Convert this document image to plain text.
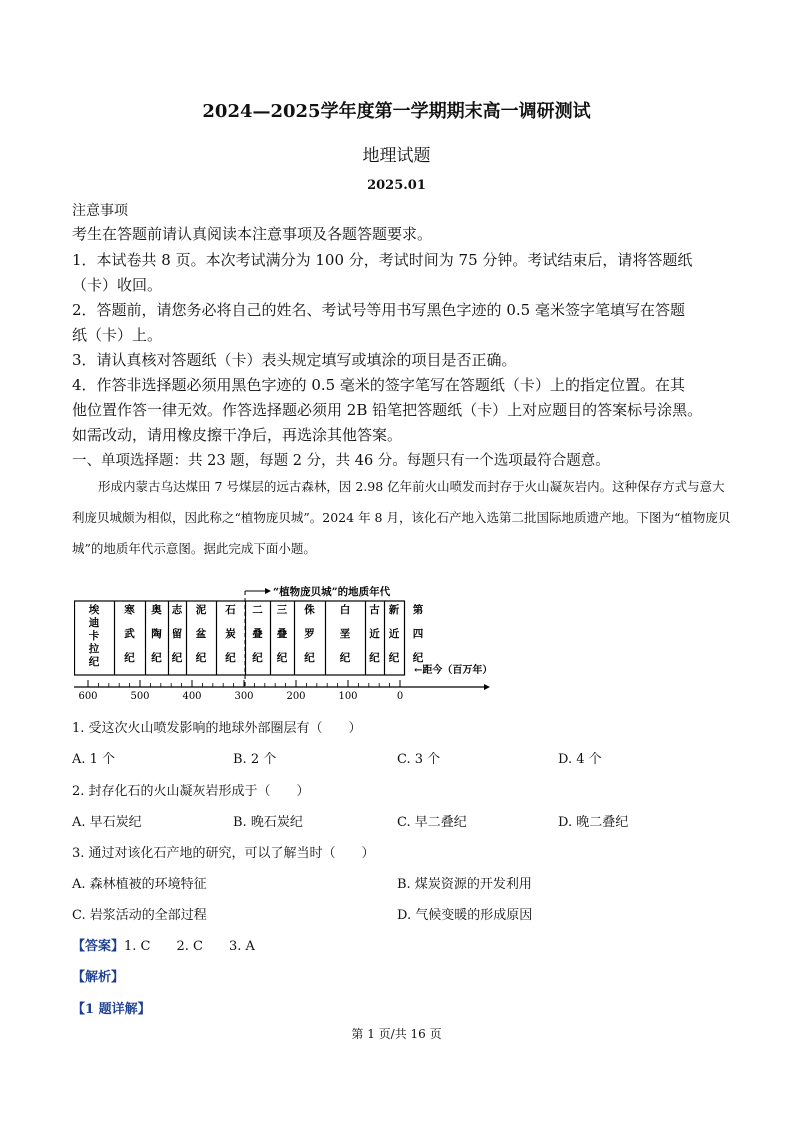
2024—2025学年度第一学期期末高一调研测试
地理试题
2025.01
注意事项
考生在答题前请认真阅读本注意事项及各题答题要求。
1．本试卷共 8 页。本次考试满分为 100 分，考试时间为 75 分钟。考试结束后，请将答题纸
（卡）收回。
2．答题前，请您务必将自己的姓名、考试号等用书写黑色字迹的 0.5 毫米签字笔填写在答题
纸（卡）上。
3．请认真核对答题纸（卡）表头规定填写或填涂的项目是否正确。
4．作答非选择题必须用黑色字迹的 0.5 毫米的签字笔写在答题纸（卡）上的指定位置。在其
他位置作答一律无效。作答选择题必须用 2B 铅笔把答题纸（卡）上对应题目的答案标号涂黑。
如需改动，请用橡皮擦干净后，再选涂其他答案。
一、单项选择题：共 23 题，每题 2 分，共 46 分。每题只有一个选项最符合题意。
形成内蒙古乌达煤田 7 号煤层的远古森林，因 2.98 亿年前火山喷发而封存于火山凝灰岩内。这种保存方式与意大利庞贝城颇为相似，因此称之“植物庞贝城”。2024 年 8 月，该化石产地入选第二批国际地质遗产地。下图为“植物庞贝城”的地质年代示意图。据此完成下面小题。
埃
迪
卡
拉
纪
寒
武
纪
奥
陶
纪
志
留
纪
泥
盆
纪
石
炭
纪
二
叠
纪
三
叠
纪
侏
罗
纪
白
垩
纪
古
近
纪
新
近
纪
第
四
纪
600	500	400	300	200	100	0
←距今（百万年）
“植物庞贝城”的地质年代
1. 受这次火山喷发影响的地球外部圈层有（　　）
A. 1 个	B. 2 个	C. 3 个	D. 4 个
2. 封存化石的火山凝灰岩形成于（　　）
A. 早石炭纪	B. 晚石炭纪	C. 早二叠纪	D. 晚二叠纪
3. 通过对该化石产地的研究，可以了解当时（　　）
A. 森林植被的环境特征	B. 煤炭资源的开发利用
C. 岩浆活动的全部过程	D. 气候变暖的形成原因
【答案】1. C　　2. C　　3. A
【解析】
【1 题详解】
第 1 页/共 16 页
